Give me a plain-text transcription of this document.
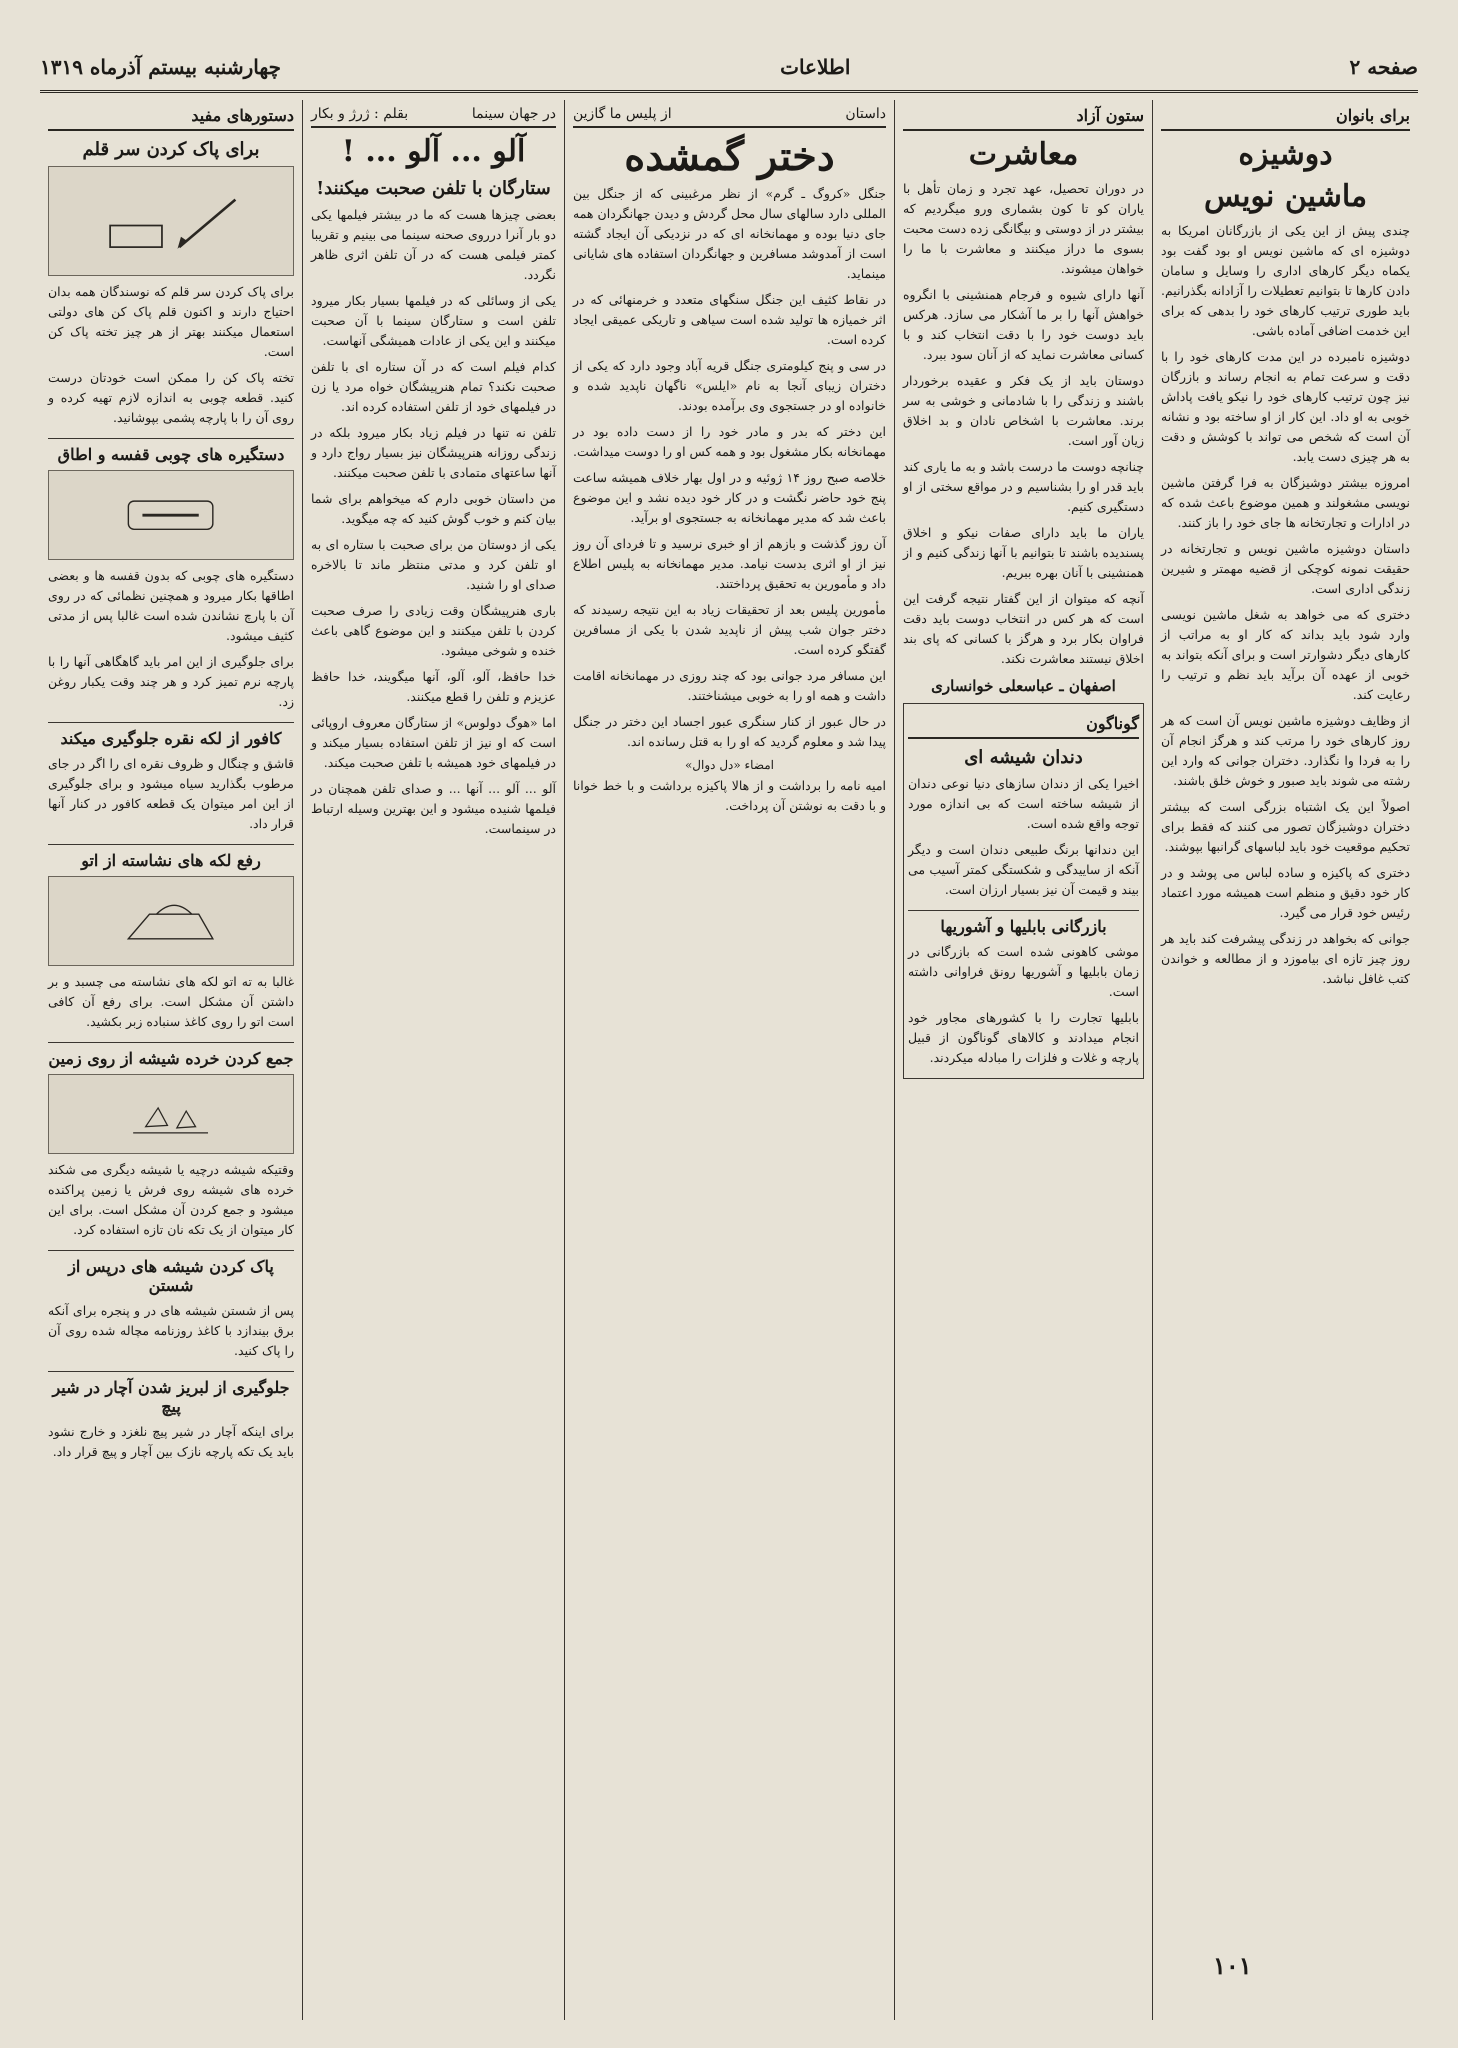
صفحه ۲
اطلاعات
چهارشنبه بیستم آذرماه ۱۳۱۹
برای بانوان
دوشیزه
ماشین نویس

چندی پیش از این یکی از بازرگانان امریکا به دوشیزه ای که ماشین نویس او بود گفت بود یکماه دیگر کارهای اداری را وسایل و سامان دادن کارها تا بتوانیم تعطیلات را آزادانه بگذرانیم. باید طوری ترتیب کارهای خود را بدهی که برای این خدمت اضافی آماده باشی.

دوشیزه نامبرده در این مدت کارهای خود را با دقت و سرعت تمام به انجام رساند و بازرگان نیز چون ترتیب کارهای خود را نیکو یافت پاداش خوبی به او داد. این کار از او ساخته بود و نشانه آن است که شخص می تواند با کوشش و دقت به هر چیزی دست یابد.

امروزه بیشتر دوشیزگان به فرا گرفتن ماشین نویسی مشغولند و همین موضوع باعث شده که در ادارات و تجارتخانه ها جای خود را باز کنند.

داستان دوشیزه ماشین نویس و تجارتخانه در حقیقت نمونه کوچکی از قضیه مهمتر و شیرین زندگی اداری است.

دختری که می خواهد به شغل ماشین نویسی وارد شود باید بداند که کار او به مراتب از کارهای دیگر دشوارتر است و برای آنکه بتواند به خوبی از عهده آن برآید باید نظم و ترتیب را رعایت کند.

از وظایف دوشیزه ماشین نویس آن است که هر روز کارهای خود را مرتب کند و هرگز انجام آن را به فردا وا نگذارد. دختران جوانی که وارد این رشته می شوند باید صبور و خوش خلق باشند.

اصولاً این یک اشتباه بزرگی است که بیشتر دختران دوشیزگان تصور می کنند که فقط برای تحکیم موقعیت خود باید لباسهای گرانبها بپوشند.

دختری که پاکیزه و ساده لباس می پوشد و در کار خود دقیق و منظم است همیشه مورد اعتماد رئیس خود قرار می گیرد.

جوانی که بخواهد در زندگی پیشرفت کند باید هر روز چیز تازه ای بیاموزد و از مطالعه و خواندن کتب غافل نباشد.

۱۰۱
ستون آزاد
معاشرت

در دوران تحصیل، عهد تجرد و زمان تأهل با یاران کو تا کون بشماری ورو میگردیم که بیشتر در از دوستی و بیگانگی زده دست محبت بسوی ما دراز میکنند و معاشرت با ما را خواهان میشوند.

آنها دارای شیوه و فرجام همنشینی با انگروه خواهش آنها را بر ما آشکار می سازد. هرکس باید دوست خود را با دقت انتخاب کند و با کسانی معاشرت نماید که از آنان سود ببرد.

دوستان باید از یک فکر و عقیده برخوردار باشند و زندگی را با شادمانی و خوشی به سر برند. معاشرت با اشخاص نادان و بد اخلاق زیان آور است.

چنانچه دوست ما درست باشد و به ما یاری کند باید قدر او را بشناسیم و در مواقع سختی از او دستگیری کنیم.

یاران ما باید دارای صفات نیکو و اخلاق پسندیده باشند تا بتوانیم با آنها زندگی کنیم و از همنشینی با آنان بهره ببریم.

آنچه که میتوان از این گفتار نتیجه گرفت این است که هر کس در انتخاب دوست باید دقت فراوان بکار برد و هرگز با کسانی که پای بند اخلاق نیستند معاشرت نکند.

اصفهان ـ عباسعلی خوانساری
گوناگون
دندان شیشه ای

اخیرا یکی از دندان سازهای دنیا نوعی دندان از شیشه ساخته است که بی اندازه مورد توجه واقع شده است.

این دندانها برنگ طبیعی دندان است و دیگر آنکه از ساییدگی و شکستگی کمتر آسیب می بیند و قیمت آن نیز بسیار ارزان است.

بازرگانی بابلیها و آشوریها

موشی کاهونی شده است که بازرگانی در زمان بابلیها و آشوریها رونق فراوانی داشته است.

بابلیها تجارت را با کشورهای مجاور خود انجام میدادند و کالاهای گوناگون از قبیل پارچه و غلات و فلزات را مبادله میکردند.

داستان
از پلیس ما گازین
دختر گمشده

جنگل «کروگ ـ گرم» از نظر مرغبینی که از جنگل بین المللی دارد سالهای سال محل گردش و دیدن جهانگردان همه جای دنیا بوده و مهمانخانه ای که در نزدیکی آن ایجاد گشته است از آمدوشد مسافرین و جهانگردان استفاده های شایانی مینماید.

در نقاط کثیف این جنگل سنگهای متعدد و خرمنهائی که در اثر خمیازه ها تولید شده است سیاهی و تاریکی عمیقی ایجاد کرده است.

در سی و پنج کیلومتری جنگل قریه آباد وجود دارد که یکی از دختران زیبای آنجا به نام «ایلس» ناگهان ناپدید شده و خانواده او در جستجوی وی برآمده بودند.

این دختر که بدر و مادر خود را از دست داده بود در مهمانخانه بکار مشغول بود و همه کس او را دوست میداشت.

خلاصه صبح روز ۱۴ ژوئیه و در اول بهار خلاف همیشه ساعت پنج خود حاضر نگشت و در کار خود دیده نشد و این موضوع باعث شد که مدیر مهمانخانه به جستجوی او برآید.

آن روز گذشت و بازهم از او خبری نرسید و تا فردای آن روز نیز از او اثری بدست نیامد. مدیر مهمانخانه به پلیس اطلاع داد و مأمورین به تحقیق پرداختند.

مأمورین پلیس بعد از تحقیقات زیاد به این نتیجه رسیدند که دختر جوان شب پیش از ناپدید شدن با یکی از مسافرین گفتگو کرده است.

این مسافر مرد جوانی بود که چند روزی در مهمانخانه اقامت داشت و همه او را به خوبی میشناختند.

در حال عبور از کنار سنگری عبور اجساد این دختر در جنگل پیدا شد و معلوم گردید که او را به قتل رسانده اند.

امضاء «دل دوال»

امیه نامه را برداشت و از هالا پاکیزه برداشت و با خط خوانا و با دقت به نوشتن آن پرداخت.

در جهان سینما
بقلم : ژرژ و بکار
آلو ... آلو ... !
ستارگان با تلفن صحبت میکنند!

بعضی چیزها هست که ما در بیشتر فیلمها یکی دو بار آنرا درروی صحنه سینما می بینیم و تقریبا کمتر فیلمی هست که در آن تلفن اثری ظاهر نگردد.

یکی از وسائلی که در فیلمها بسیار بکار میرود تلفن است و ستارگان سینما با آن صحبت میکنند و این یکی از عادات همیشگی آنهاست.

کدام فیلم است که در آن ستاره ای با تلفن صحبت نکند؟ تمام هنرپیشگان خواه مرد یا زن در فیلمهای خود از تلفن استفاده کرده اند.

تلفن نه تنها در فیلم زیاد بکار میرود بلکه در زندگی روزانه هنرپیشگان نیز بسیار رواج دارد و آنها ساعتهای متمادی با تلفن صحبت میکنند.

من داستان خوبی دارم که میخواهم برای شما بیان کنم و خوب گوش کنید که چه میگوید.

یکی از دوستان من برای صحبت با ستاره ای به او تلفن کرد و مدتی منتظر ماند تا بالاخره صدای او را شنید.

باری هنرپیشگان وقت زیادی را صرف صحبت کردن با تلفن میکنند و این موضوع گاهی باعث خنده و شوخی میشود.

خدا حافظ، آلو، آلو، آنها میگویند، خدا حافظ عزیزم و تلفن را قطع میکنند.

اما «هوگ دولوس» از ستارگان معروف اروپائی است که او نیز از تلفن استفاده بسیار میکند و در فیلمهای خود همیشه با تلفن صحبت میکند.

آلو ... آلو ... آنها ... و صدای تلفن همچنان در فیلمها شنیده میشود و این بهترین وسیله ارتباط در سینماست.

دستورهای مفید
برای پاک کردن سر قلم

برای پاک کردن سر قلم که نوسندگان همه بدان احتیاج دارند و اکنون قلم پاک کن های دولتی استعمال میکنند بهتر از هر چیز تخته پاک کن است.

تخته پاک کن را ممکن است خودتان درست کنید. قطعه چوبی به اندازه لازم تهیه کرده و روی آن را با پارچه پشمی بپوشانید.

دستگیره های چوبی قفسه و اطاق

دستگیره های چوبی که بدون قفسه ها و بعضی اطاقها بکار میرود و همچنین نظمائی که در روی آن با پارچ نشاندن شده است غالبا پس از مدتی کثیف میشود.

برای جلوگیری از این امر باید گاهگاهی آنها را با پارچه نرم تمیز کرد و هر چند وقت یکبار روغن زد.

کافور از لکه نقره جلوگیری میکند

قاشق و چنگال و ظروف نقره ای را اگر در جای مرطوب بگذارید سیاه میشود و برای جلوگیری از این امر میتوان یک قطعه کافور در کنار آنها قرار داد.

رفع لکه های نشاسته از اتو

غالبا به ته اتو لکه های نشاسته می چسبد و بر داشتن آن مشکل است. برای رفع آن کافی است اتو را روی کاغذ سنباده زبر بکشید.

جمع کردن خرده شیشه از روی زمین

وقتیکه شیشه درچیه یا شیشه دیگری می شکند خرده های شیشه روی فرش یا زمین پراکنده میشود و جمع کردن آن مشکل است. برای این کار میتوان از یک تکه نان تازه استفاده کرد.

پاک کردن شیشه های درپس از شستن

پس از شستن شیشه های در و پنجره برای آنکه برق بیندازد با کاغذ روزنامه مچاله شده روی آن را پاک کنید.

جلوگیری از لبریز شدن آچار در شیر پیچ

برای اینکه آچار در شیر پیچ نلغزد و خارج نشود باید یک تکه پارچه نازک بین آچار و پیچ قرار داد.
